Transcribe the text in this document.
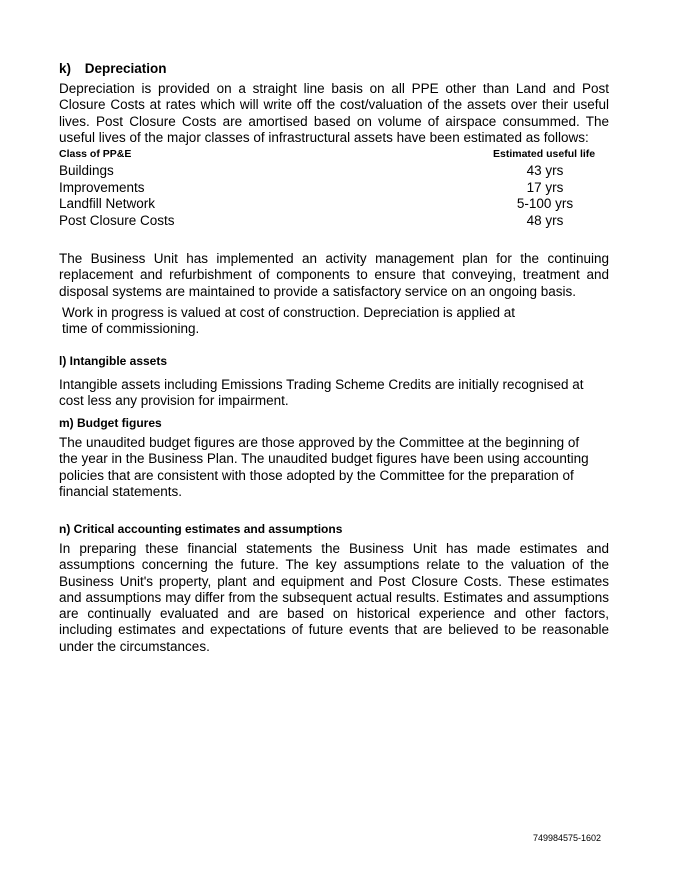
k) Depreciation
Depreciation is provided on a straight line basis on all PPE other than Land and Post Closure Costs at rates which will write off the cost/valuation of the assets over their useful lives. Post Closure Costs are amortised based on volume of airspace consummed. The useful lives of the major classes of infrastructural assets have been estimated as follows:
Class of PP&E	Estimated useful life
Buildings	43 yrs
Improvements	17 yrs
Landfill Network	5-100 yrs
Post Closure Costs	48 yrs
The Business Unit has implemented an activity management plan for the continuing replacement and refurbishment of components to ensure that conveying, treatment and disposal systems are maintained to provide a satisfactory service on an ongoing basis.
Work in progress is valued at cost of construction. Depreciation is applied at time of commissioning.
l) Intangible assets
Intangible assets including Emissions Trading Scheme Credits are initially recognised at cost less any provision for impairment.
m) Budget figures
The unaudited budget figures are those approved by the Committee at the beginning of the year in the Business Plan. The unaudited budget figures have been using accounting policies that are consistent with those adopted by the Committee for the preparation of financial statements.
n) Critical accounting estimates and assumptions
In preparing these financial statements the Business Unit has made estimates and assumptions concerning the future. The key assumptions relate to the valuation of the Business Unit's property, plant and equipment and Post Closure Costs. These estimates and assumptions may differ from the subsequent actual results. Estimates and assumptions are continually evaluated and are based on historical experience and other factors, including estimates and expectations of future events that are believed to be reasonable under the circumstances.
749984575-1602
